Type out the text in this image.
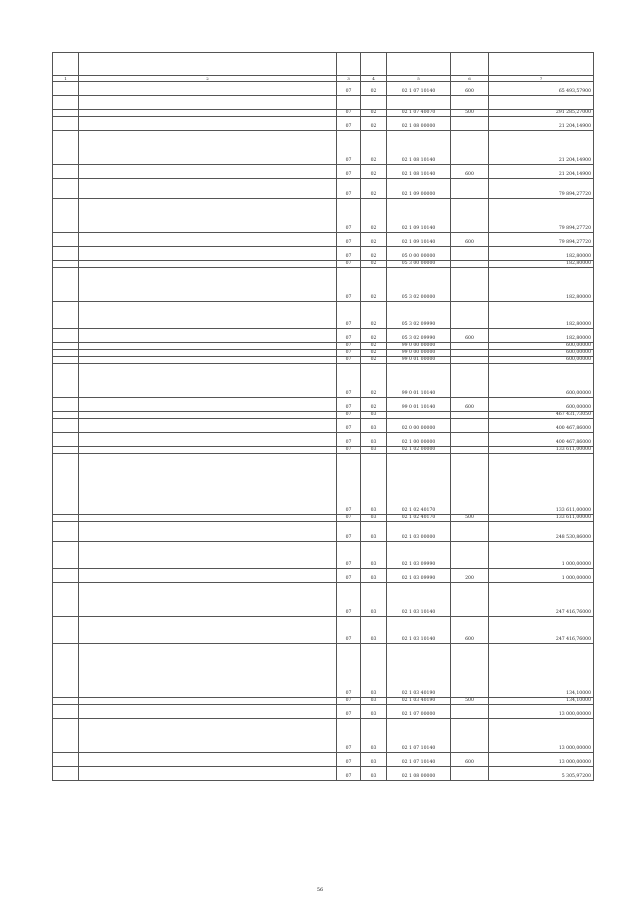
1	2	3	4	5	6	7
		07	02	02 1 07 10140	600	65 493,57900

		07	02	02 1 07 40070	500	291 285,27000
		07	02	02 1 08 00000		21 204,14900
		07	02	02 1 08 10140		21 204,14900
		07	02	02 1 08 10140	600	21 204,14900
		07	02	02 1 09 00000		79 894,27720
		07	02	02 1 09 10140		79 894,27720
		07	02	02 1 09 10140	600	79 894,27720
		07	02	05 0 00 00000		182,80000
		07	02	05 3 00 00000		182,80000
		07	02	05 3 02 00000		182,80000
		07	02	05 3 02 09990		182,80000
		07	02	05 3 02 09990	600	182,80000
		07	02	99 0 00 00000		600,00000
		07	02	99 0 00 00000		600,00000
		07	02	99 0 01 00000		600,00000
		07	02	99 0 01 10140		600,00000
		07	02	99 0 01 10140	600	600,00000
		07	03			467 431,73050
		07	03	02 0 00 00000		400 467,86000
		07	03	02 1 00 00000		400 467,86000
		07	03	02 1 02 00000		133 611,00000
		07	03	02 1 02 40170		133 611,00000
		07	03	02 1 02 40170	500	133 611,00000
		07	03	02 1 03 00000		248 530,86000
		07	03	02 1 03 09990		1 000,00000
		07	03	02 1 03 09990	200	1 000,00000
		07	03	02 1 03 10140		247 416,76000
		07	03	02 1 03 10140	600	247 416,76000
		07	03	02 1 03 40190		134,10000
		07	03	02 1 03 40190	500	134,10000
		07	03	02 1 07 00000		13 000,00000
		07	03	02 1 07 10140		13 000,00000
		07	03	02 1 07 10140	600	13 000,00000
		07	03	02 1 08 00000		5 305,97200
56
